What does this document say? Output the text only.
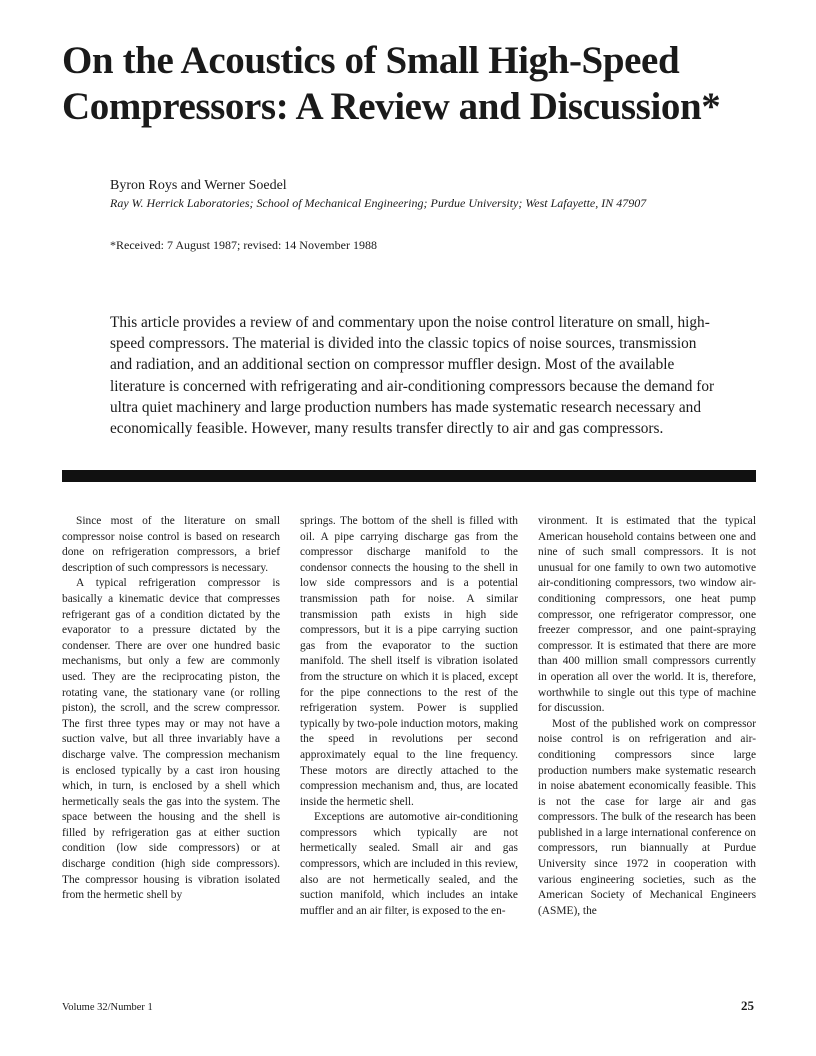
On the Acoustics of Small High-Speed Compressors: A Review and Discussion*

Byron Roys and Werner Soedel

Ray W. Herrick Laboratories; School of Mechanical Engineering; Purdue University; West Lafayette, IN 47907

*Received: 7 August 1987; revised: 14 November 1988

This article provides a review of and commentary upon the noise control literature on small, high-speed compressors. The material is divided into the classic topics of noise sources, transmission and radiation, and an additional section on compressor muffler design. Most of the available literature is concerned with refrigerating and air-conditioning compressors because the demand for ultra quiet machinery and large production numbers has made systematic research necessary and economically feasible. However, many results transfer directly to air and gas compressors.

Since most of the literature on small compressor noise control is based on research done on refrigeration compressors, a brief description of such compressors is necessary.

A typical refrigeration compressor is basically a kinematic device that compresses refrigerant gas of a condition dictated by the evaporator to a pressure dictated by the condenser. There are over one hundred basic mechanisms, but only a few are commonly used. They are the reciprocating piston, the rotating vane, the stationary vane (or rolling piston), the scroll, and the screw compressor. The first three types may or may not have a suction valve, but all three invariably have a discharge valve. The compression mechanism is enclosed typically by a cast iron housing which, in turn, is enclosed by a shell which hermetically seals the gas into the system. The space between the housing and the shell is filled by refrigeration gas at either suction condition (low side compressors) or at discharge condition (high side compressors). The compressor housing is vibration isolated from the hermetic shell by

springs. The bottom of the shell is filled with oil. A pipe carrying discharge gas from the compressor discharge manifold to the condensor connects the housing to the shell in low side compressors and is a potential transmission path for noise. A similar transmission path exists in high side compressors, but it is a pipe carrying suction gas from the evaporator to the suction manifold. The shell itself is vibration isolated from the structure on which it is placed, except for the pipe connections to the rest of the refrigeration system. Power is supplied typically by two-pole induction motors, making the speed in revolutions per second approximately equal to the line frequency. These motors are directly attached to the compression mechanism and, thus, are located inside the hermetic shell.

Exceptions are automotive air-conditioning compressors which typically are not hermetically sealed. Small air and gas compressors, which are included in this review, also are not hermetically sealed, and the suction manifold, which includes an intake muffler and an air filter, is exposed to the en-

vironment. It is estimated that the typical American household contains between one and nine of such small compressors. It is not unusual for one family to own two automotive air-conditioning compressors, two window air-conditioning compressors, one heat pump compressor, one refrigerator compressor, one freezer compressor, and one paint-spraying compressor. It is estimated that there are more than 400 million small compressors currently in operation all over the world. It is, therefore, worthwhile to single out this type of machine for discussion.

Most of the published work on compressor noise control is on refrigeration and air-conditioning compressors since large production numbers make systematic research in noise abatement economically feasible. This is not the case for large air and gas compressors. The bulk of the research has been published in a large international conference on compressors, run biannually at Purdue University since 1972 in cooperation with various engineering societies, such as the American Society of Mechanical Engineers (ASME), the

Volume 32/Number 1	25
